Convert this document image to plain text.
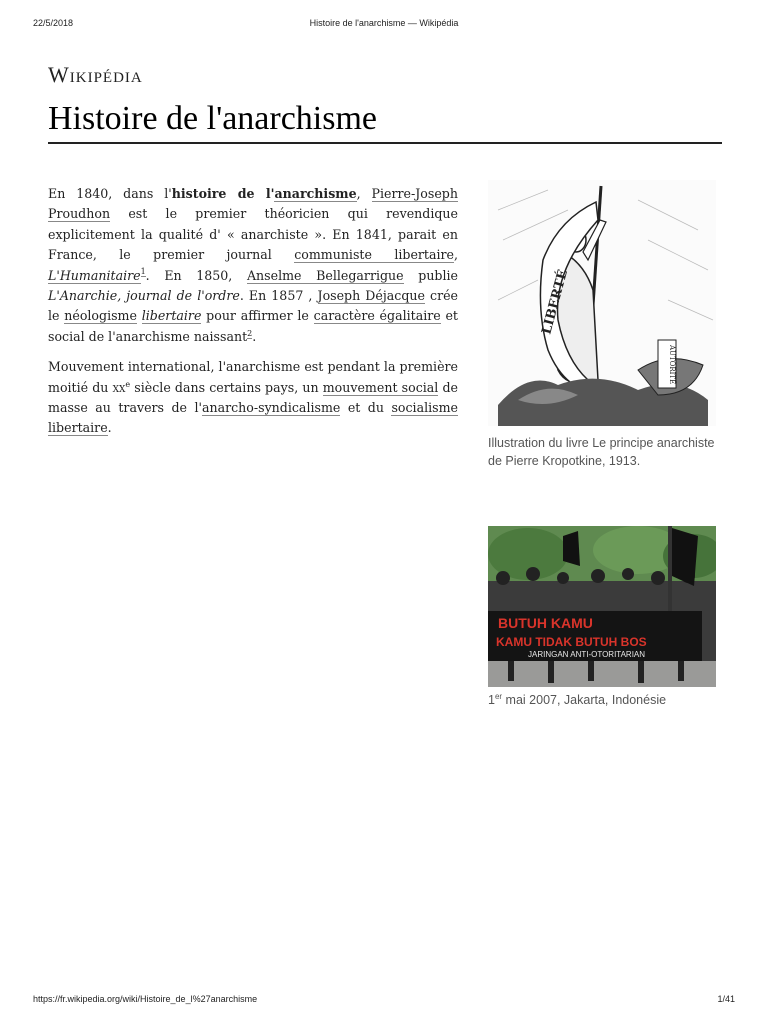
22/5/2018	Histoire de l'anarchisme — Wikipédia
Wikipédia
Histoire de l'anarchisme

En 1840, dans l'histoire de l'anarchisme, Pierre-Joseph Proudhon est le premier théoricien qui revendique explicitement la qualité d' « anarchiste ». En 1841, parait en France, le premier journal communiste libertaire, L'Humanitaire$^1$. En 1850, Anselme Bellegarrigue publie L'Anarchie, journal de l'ordre. En 1857 , Joseph Déjacque crée le néologisme libertaire pour affirmer le caractère égalitaire et social de l'anarchisme naissant$^2$.

Mouvement international, l'anarchisme est pendant la première moitié du $xx^e$ siècle dans certains pays, un mouvement social de masse au travers de l'anarcho-syndicalisme et du socialisme libertaire.

LIBERTÉ
AUTORITÉ
Illustration du livre Le principe anarchiste de Pierre Kropotkine, 1913.
BUTUH KAMU
KAMU TIDAK BUTUH BOS
JARINGAN ANTI-OTORITARIAN
1er mai 2007, Jakarta, Indonésie
https://fr.wikipedia.org/wiki/Histoire_de_l%27anarchisme	1/41
